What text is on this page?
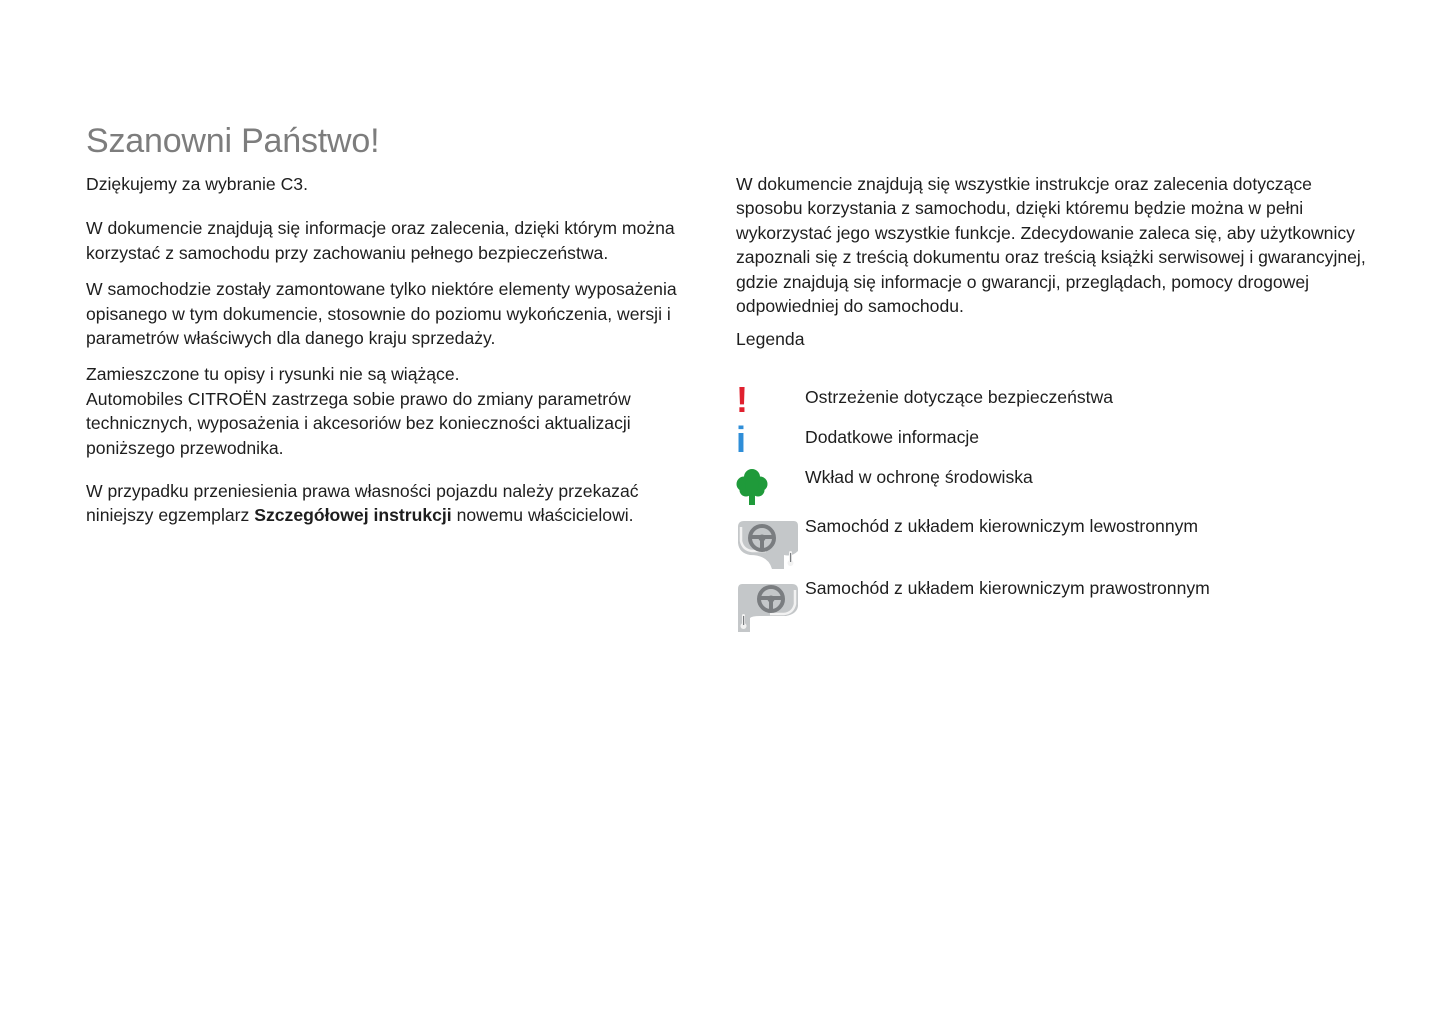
Szanowni Państwo!

Dziękujemy za wybranie C3.

W dokumencie znajdują się informacje oraz zalecenia, dzięki którym można korzystać z samochodu przy zachowaniu pełnego bezpieczeństwa.

W samochodzie zostały zamontowane tylko niektóre elementy wyposażenia opisanego w tym dokumencie, stosownie do poziomu wykończenia, wersji i parametrów właściwych dla danego kraju sprzedaży.

Zamieszczone tu opisy i rysunki nie są wiążące.
Automobiles CITROËN zastrzega sobie prawo do zmiany parametrów technicznych, wyposażenia i akcesoriów bez konieczności aktualizacji poniższego przewodnika.

W przypadku przeniesienia prawa własności pojazdu należy przekazać niniejszy egzemplarz Szczegółowej instrukcji nowemu właścicielowi.

W dokumencie znajdują się wszystkie instrukcje oraz zalecenia dotyczące sposobu korzystania z samochodu, dzięki któremu będzie można w pełni wykorzystać jego wszystkie funkcje. Zdecydowanie zaleca się, aby użytkownicy zapoznali się z treścią dokumentu oraz treścią książki serwisowej i gwarancyjnej, gdzie znajdują się informacje o gwarancji, przeglądach, pomocy drogowej odpowiedniej do samochodu.

Legenda

!	Ostrzeżenie dotyczące bezpieczeństwa
i	Dodatkowe informacje
Wkład w ochronę środowiska
Samochód z układem kierowniczym lewostronnym
Samochód z układem kierowniczym prawostronnym
